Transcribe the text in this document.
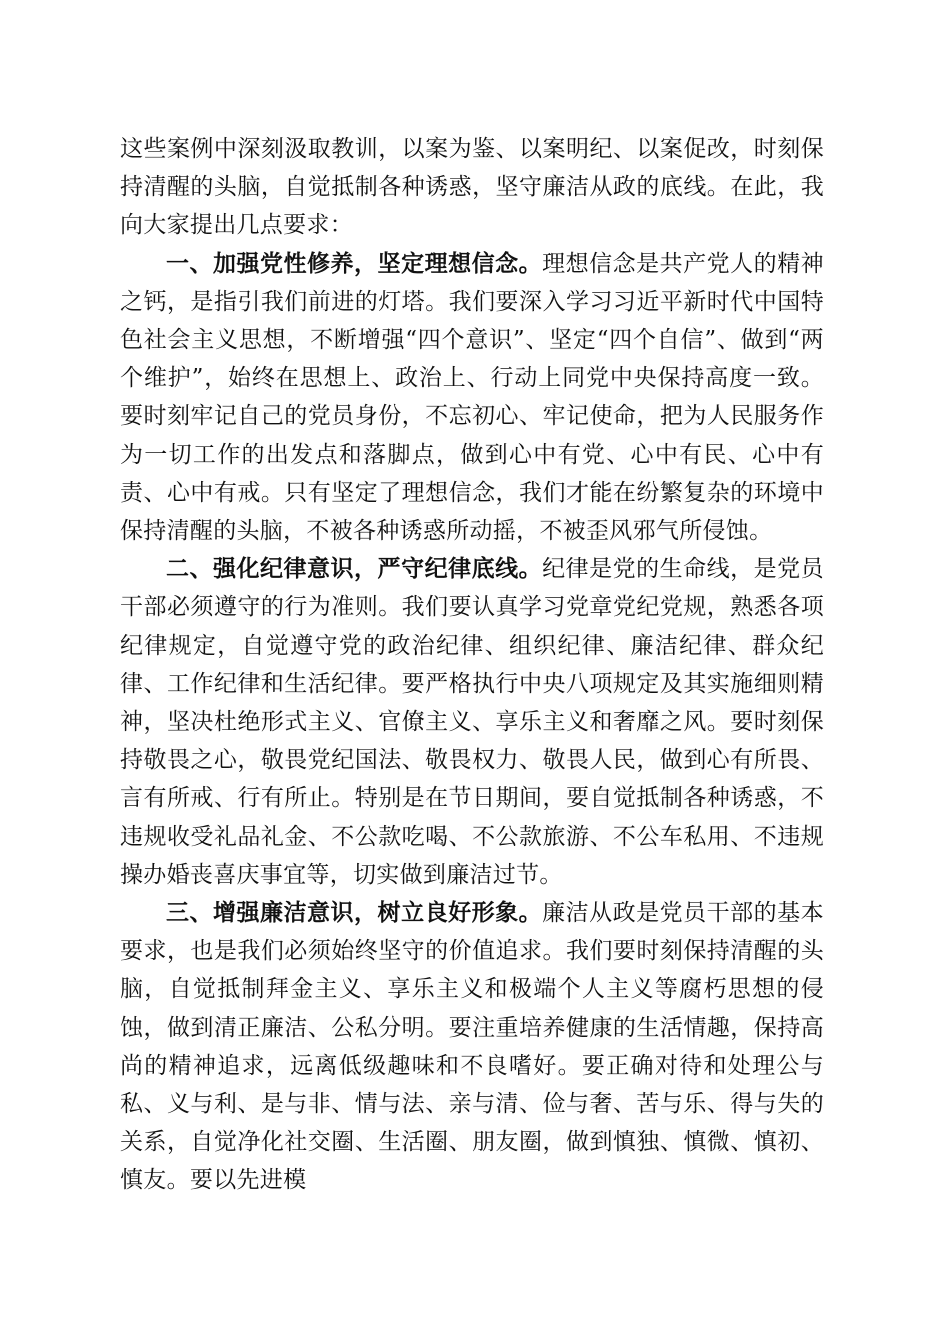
这些案例中深刻汲取教训，以案为鉴、以案明纪、以案促改，时刻保持清醒的头脑，自觉抵制各种诱惑，坚守廉洁从政的底线。在此，我向大家提出几点要求：

一、加强党性修养，坚定理想信念。理想信念是共产党人的精神之钙，是指引我们前进的灯塔。我们要深入学习习近平新时代中国特色社会主义思想，不断增强“四个意识”、坚定“四个自信”、做到“两个维护”，始终在思想上、政治上、行动上同党中央保持高度一致。要时刻牢记自己的党员身份，不忘初心、牢记使命，把为人民服务作为一切工作的出发点和落脚点，做到心中有党、心中有民、心中有责、心中有戒。只有坚定了理想信念，我们才能在纷繁复杂的环境中保持清醒的头脑，不被各种诱惑所动摇，不被歪风邪气所侵蚀。

二、强化纪律意识，严守纪律底线。纪律是党的生命线，是党员干部必须遵守的行为准则。我们要认真学习党章党纪党规，熟悉各项纪律规定，自觉遵守党的政治纪律、组织纪律、廉洁纪律、群众纪律、工作纪律和生活纪律。要严格执行中央八项规定及其实施细则精神，坚决杜绝形式主义、官僚主义、享乐主义和奢靡之风。要时刻保持敬畏之心，敬畏党纪国法、敬畏权力、敬畏人民，做到心有所畏、言有所戒、行有所止。特别是在节日期间，要自觉抵制各种诱惑，不违规收受礼品礼金、不公款吃喝、不公款旅游、不公车私用、不违规操办婚丧喜庆事宜等，切实做到廉洁过节。

三、增强廉洁意识，树立良好形象。廉洁从政是党员干部的基本要求，也是我们必须始终坚守的价值追求。我们要时刻保持清醒的头脑，自觉抵制拜金主义、享乐主义和极端个人主义等腐朽思想的侵蚀，做到清正廉洁、公私分明。要注重培养健康的生活情趣，保持高尚的精神追求，远离低级趣味和不良嗜好。要正确对待和处理公与私、义与利、是与非、情与法、亲与清、俭与奢、苦与乐、得与失的关系，自觉净化社交圈、生活圈、朋友圈，做到慎独、慎微、慎初、慎友。要以先进模
